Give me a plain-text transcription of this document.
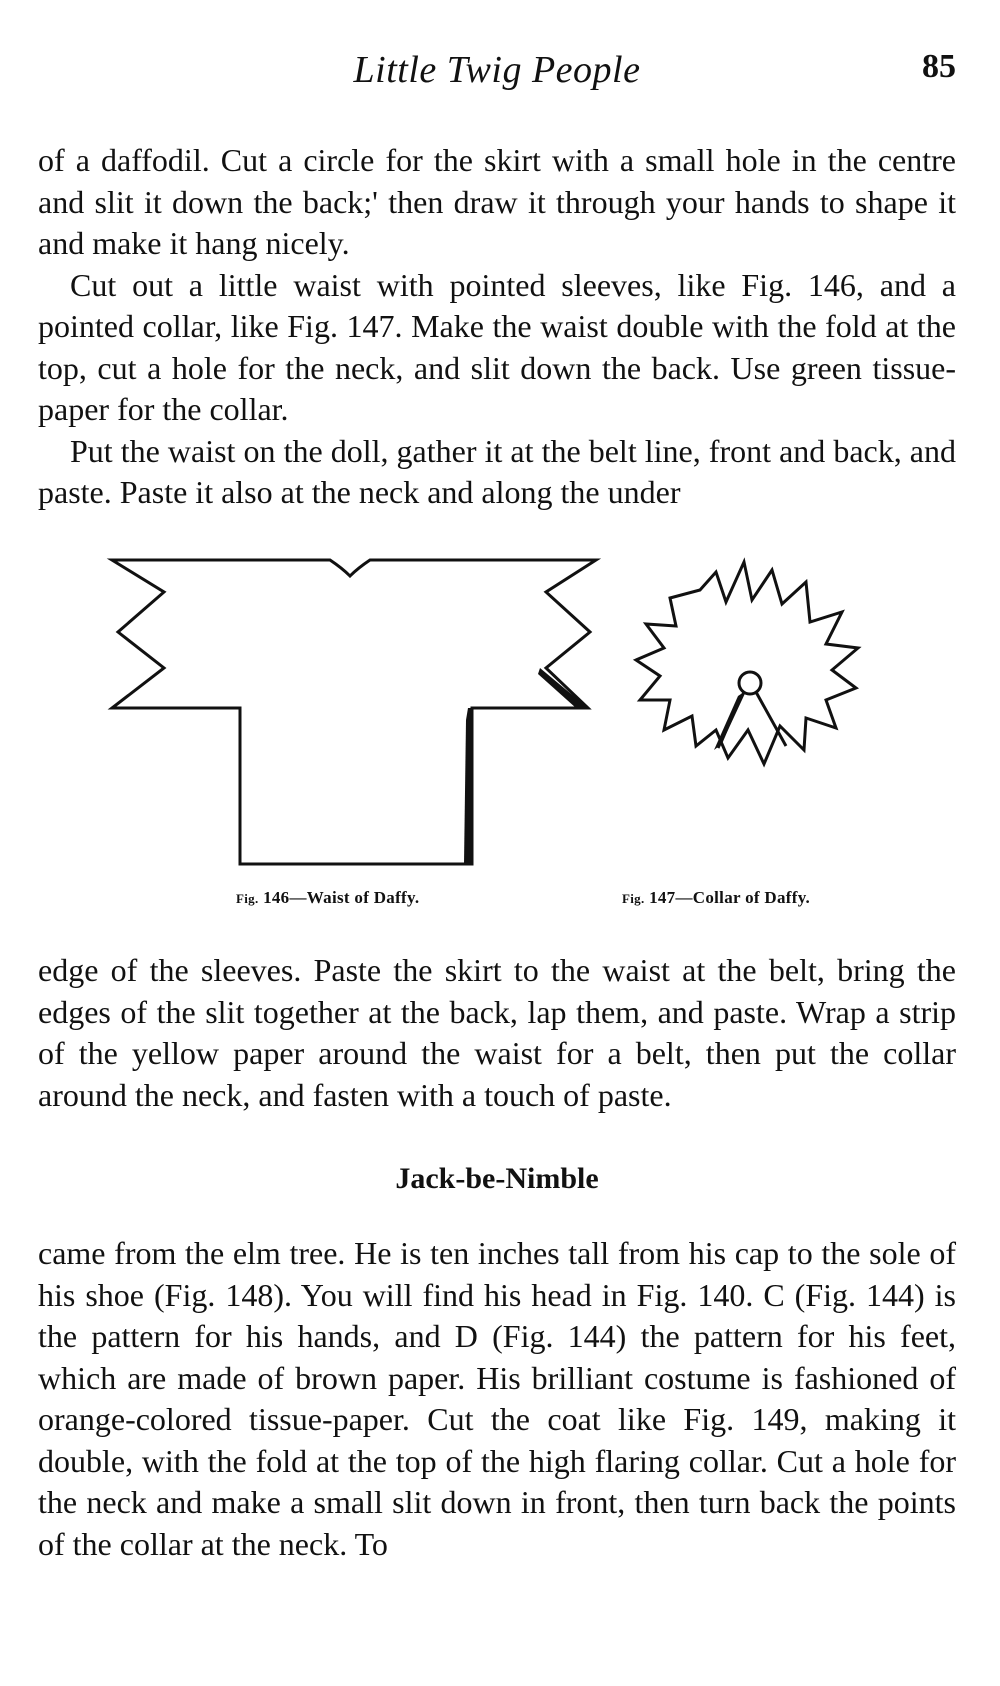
Little Twig People	85

of a daffodil. Cut a circle for the skirt with a small hole in the centre and slit it down the back;' then draw it through your hands to shape it and make it hang nicely.

Cut out a little waist with pointed sleeves, like Fig. 146, and a pointed collar, like Fig. 147. Make the waist double with the fold at the top, cut a hole for the neck, and slit down the back. Use green tissue-paper for the collar.

Put the waist on the doll, gather it at the belt line, front and back, and paste. Paste it also at the neck and along the under

Fig. 146—Waist of Daffy.	Fig. 147—Collar of Daffy.

edge of the sleeves. Paste the skirt to the waist at the belt, bring the edges of the slit together at the back, lap them, and paste. Wrap a strip of the yellow paper around the waist for a belt, then put the collar around the neck, and fasten with a touch of paste.

Jack-be-Nimble

came from the elm tree. He is ten inches tall from his cap to the sole of his shoe (Fig. 148). You will find his head in Fig. 140. C (Fig. 144) is the pattern for his hands, and D (Fig. 144) the pattern for his feet, which are made of brown paper. His brilliant costume is fashioned of orange-colored tissue-paper. Cut the coat like Fig. 149, making it double, with the fold at the top of the high flaring collar. Cut a hole for the neck and make a small slit down in front, then turn back the points of the collar at the neck. To
